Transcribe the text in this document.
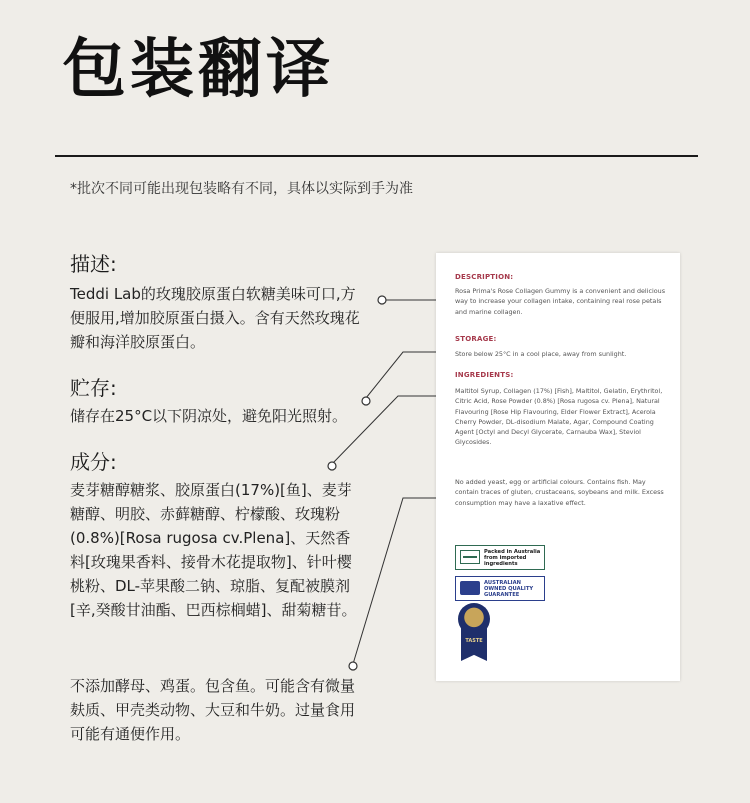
包装翻译
*批次不同可能出现包装略有不同，具体以实际到手为准
描述:

Teddi Lab的玫瑰胶原蛋白软糖美味可口,方便服用,增加胶原蛋白摄入。含有天然玫瑰花瓣和海洋胶原蛋白。

贮存:

储存在25°C以下阴凉处，避免阳光照射。

成分:

麦芽糖醇糖浆、胶原蛋白(17%)[鱼]、麦芽糖醇、明胶、赤藓糖醇、柠檬酸、玫瑰粉(0.8%)[Rosa rugosa cv.Plena]、天然香料[玫瑰果香料、接骨木花提取物]、针叶樱桃粉、DL-苹果酸二钠、琼脂、复配被膜剂[辛,癸酸甘油酯、巴西棕榈蜡]、甜菊糖苷。

不添加酵母、鸡蛋。包含鱼。可能含有微量麸质、甲壳类动物、大豆和牛奶。过量食用可能有通便作用。

DESCRIPTION:

Rosa Prima's Rose Collagen Gummy is a convenient and delicious way to increase your collagen intake, containing real rose petals and marine collagen.

STORAGE:

Store below 25°C in a cool place, away from sunlight.

INGREDIENTS:

Maltitol Syrup, Collagen (17%) [Fish], Maltitol, Gelatin, Erythritol, Citric Acid, Rose Powder (0.8%) [Rosa rugosa cv. Plena], Natural Flavouring [Rose Hip Flavouring, Elder Flower Extract], Acerola Cherry Powder, DL-disodium Malate, Agar, Compound Coating Agent [Octyl and Decyl Glycerate, Carnauba Wax], Steviol Glycosides.

No added yeast, egg or artificial colours. Contains fish. May contain traces of gluten, crustaceans, soybeans and milk. Excess consumption may have a laxative effect.

Packed in Australia from imported ingredients
AUSTRALIAN OWNED QUALITY GUARANTEE
TASTE
